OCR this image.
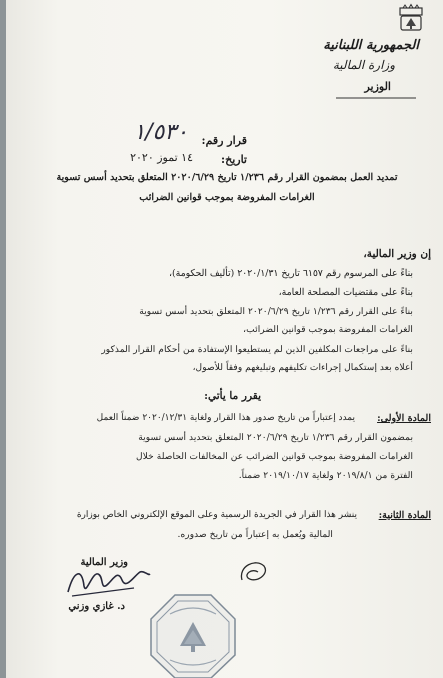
الجمهورية اللبنانية
وزارة المالية
الوزير
قرار رقم:
١/٥٣٠
تاريخ:
١٤ تموز ٢٠٢٠
تمديد العمل بمضمون القرار رقم ١/٢٣٦ تاريخ ٢٠٢٠/٦/٢٩ المتعلق بتحديد أسس تسوية
الغرامات المفروضة بموجب قوانين الضرائب
إن وزير المالية،
بناءً على المرسوم رقم ٦١٥٧ تاريخ ٢٠٢٠/١/٣١ (تأليف الحكومة)،
بناءً على مقتضيات المصلحة العامة،
بناءً على القرار رقم ١/٢٣٦ تاريخ ٢٠٢٠/٦/٢٩ المتعلق بتحديد أسس تسوية
الغرامات المفروضة بموجب قوانين الضرائب،
بناءً على مراجعات المكلفين الذين لم يستطيعوا الإستفادة من أحكام القرار المذكور
أعلاه بعد إستكمال إجراءات تكليفهم وتبليغهم وفقاً للأصول،
يقرر ما يأتي:
المادة الأولى:
يمدد إعتباراً من تاريخ صدور هذا القرار ولغاية ٢٠٢٠/١٢/٣١ ضمناً العمل
بمضمون القرار رقم ١/٢٣٦ تاريخ ٢٠٢٠/٦/٢٩ المتعلق بتحديد أسس تسوية
الغرامات المفروضة بموجب قوانين الضرائب عن المخالفات الحاصلة خلال
الفترة من ٢٠١٩/٨/١ ولغاية ٢٠١٩/١٠/١٧ ضمناً.
المادة الثانية:
ينشر هذا القرار في الجريدة الرسمية وعلى الموقع الإلكتروني الخاص بوزارة
المالية ويُعمل به إعتباراً من تاريخ صدوره.
وزير المالية
د. غازي وزني
